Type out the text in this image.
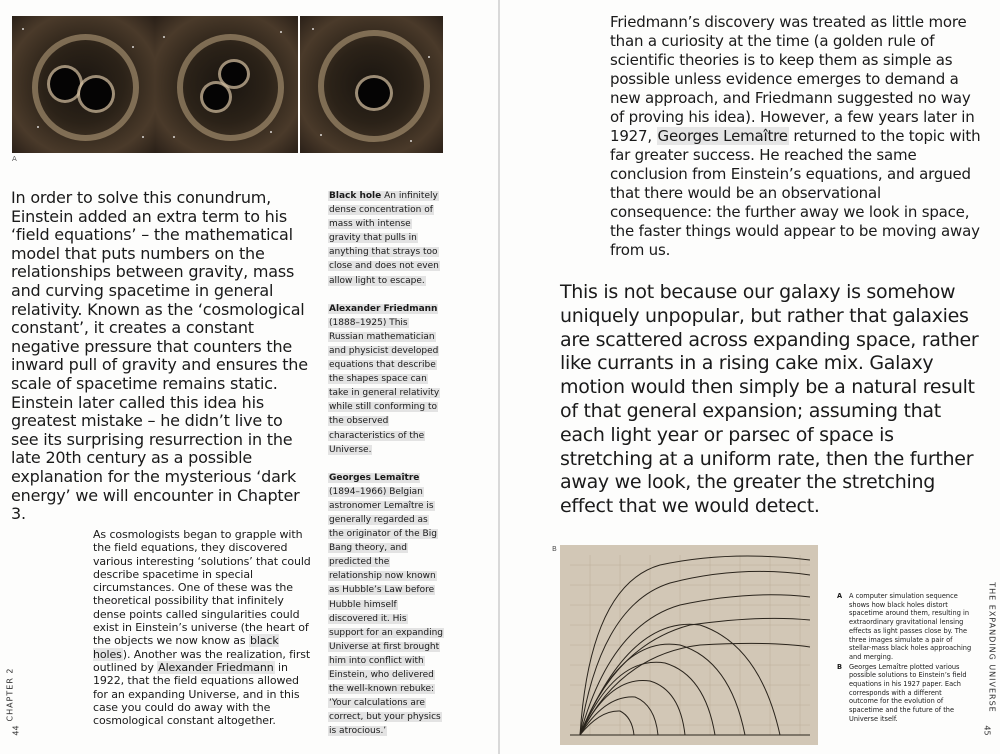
A
In order to solve this conundrum, Einstein added an extra term to his ‘field equations’ – the mathematical model that puts numbers on the relationships between gravity, mass and curving spacetime in general relativity. Known as the ‘cosmological constant’, it creates a constant negative pressure that counters the inward pull of gravity and ensures the scale of spacetime remains static. Einstein later called this idea his greatest mistake – he didn’t live to see its surprising resurrection in the late 20th century as a possible explanation for the mysterious ‘dark energy’ we will encounter in Chapter 3.
As cosmologists began to grapple with the field equations, they discovered various interesting ‘solutions’ that could describe spacetime in special circumstances. One of these was the theoretical possibility that infinitely dense points called singularities could exist in Einstein’s universe (the heart of the objects we now know as black holes). Another was the realization, first outlined by Alexander Friedmann in 1922, that the field equations allowed for an expanding Universe, and in this case you could do away with the cosmological constant altogether.
Black hole An infinitely dense concentration of mass with intense gravity that pulls in anything that strays too close and does not even allow light to escape.
Alexander Friedmann (1888–1925) This Russian mathematician and physicist developed equations that describe the shapes space can take in general relativity while still conforming to the observed characteristics of the Universe.
Georges Lemaître (1894–1966) Belgian astronomer Lemaître is generally regarded as the originator of the Big Bang theory, and predicted the relationship now known as Hubble’s Law before Hubble himself discovered it. His support for an expanding Universe at first brought him into conflict with Einstein, who delivered the well-known rebuke: ‘Your calculations are correct, but your physics is atrocious.’
CHAPTER 2
44
Friedmann’s discovery was treated as little more than a curiosity at the time (a golden rule of scientific theories is to keep them as simple as possible unless evidence emerges to demand a new approach, and Friedmann suggested no way of proving his idea). However, a few years later in 1927, Georges Lemaître returned to the topic with far greater success. He reached the same conclusion from Einstein’s equations, and argued that there would be an observational consequence: the further away we look in space, the faster things would appear to be moving away from us.
This is not because our galaxy is somehow uniquely unpopular, but rather that galaxies are scattered across expanding space, rather like currants in a rising cake mix. Galaxy motion would then simply be a natural result of that general expansion; assuming that each light year or parsec of space is stretching at a uniform rate, then the further away we look, the greater the stretching effect that we would detect.
B
A A computer simulation sequence shows how black holes distort spacetime around them, resulting in extraordinary gravitational lensing effects as light passes close by. The three images simulate a pair of stellar-mass black holes approaching and merging.
B Georges Lemaître plotted various possible solutions to Einstein’s field equations in his 1927 paper. Each corresponds with a different outcome for the evolution of spacetime and the future of the Universe itself.
THE EXPANDING UNIVERSE
45
